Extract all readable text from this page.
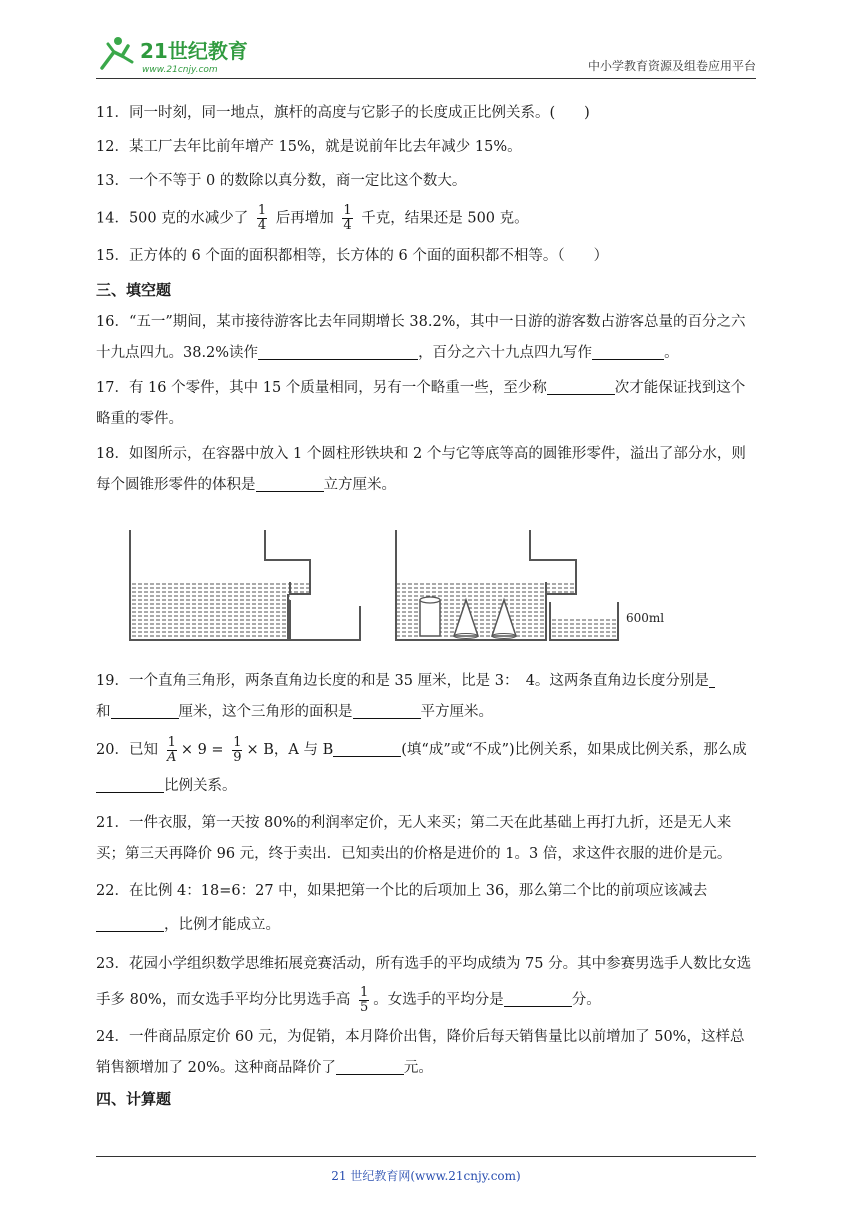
21世纪教育
www.21cnjy.com	中小学教育资源及组卷应用平台
11．同一时刻，同一地点，旗杆的高度与它影子的长度成正比例关系。(　　)
12．某工厂去年比前年增产 15%，就是说前年比去年减少 15%。
13．一个不等于 0 的数除以真分数，商一定比这个数大。
14．500 克的水减少了 $\frac{1}{4}$ 后再增加 $\frac{1}{4}$ 千克，结果还是 500 克。
15．正方体的 6 个面的面积都相等，长方体的 6 个面的面积都不相等。（　　）
三、填空题
16．“五一”期间，某市接待游客比去年同期增长 38.2%，其中一日游的游客数占游客总量的百分之六十九点四九。38.2%读作	，百分之六十九点四九写作	。
17．有 16 个零件，其中 15 个质量相同，另有一个略重一些，至少称	次才能保证找到这个略重的零件。
18．如图所示，在容器中放入 1 个圆柱形铁块和 2 个与它等底等高的圆锥形零件，溢出了部分水，则每个圆锥形零件的体积是	立方厘米。
600ml
19．一个直角三角形，两条直角边长度的和是 35 厘米，比是 3：　4。这两条直角边长度分别是
和	厘米，这个三角形的面积是	平方厘米。
20．已知 $\frac{1}{A} \times 9 = \frac{1}{9} \times B$，A 与 B	(填“成”或“不成”)比例关系，如果成比例关系，那么成比例关系。
21．一件衣服，第一天按 80%的利润率定价，无人来买；第二天在此基础上再打九折，还是无人来买；第三天再降价 96 元，终于卖出．已知卖出的价格是进价的 1。3 倍，求这件衣服的进价是元。
22．在比例 4：18=6：27 中，如果把第一个比的后项加上 36，那么第二个比的前项应该减去，比例才能成立。
23．花园小学组织数学思维拓展竞赛活动，所有选手的平均成绩为 75 分。其中参赛男选手人数比女选手多 80%，而女选手平均分比男选手高 $\frac{1}{5}$ 。女选手的平均分是	分。
24．一件商品原定价 60 元，为促销，本月降价出售，降价后每天销售量比以前增加了 50%，这样总销售额增加了 20%。这种商品降价了	元。
四、计算题
21 世纪教育网(www.21cnjy.com)
